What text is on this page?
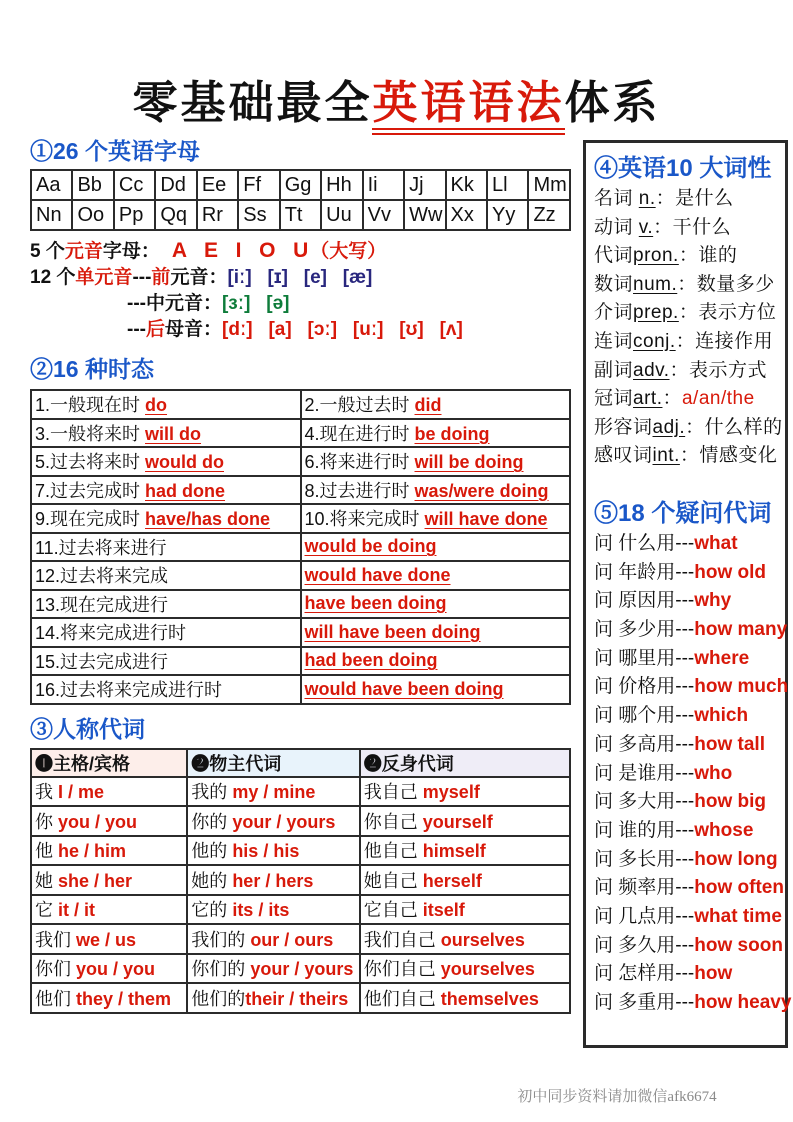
零基础最全英语语法体系
①26 个英语字母
Aa	Bb	Cc	Dd	Ee	Ff	Gg	Hh	Ii	Jj	Kk	Ll	Mm
Nn	Oo	Pp	Qq	Rr	Ss	Tt	Uu	Vv	Ww	Xx	Yy	Zz
5 个元音字母： A  E  I  O  U（大写）
12 个单元音---前元音：[iː]   [ɪ]   [e]   [æ]
---中元音：[ɜː]   [ə]
---后母音：[dː]   [a]   [ɔː]   [uː]   [ʊ]   [ʌ]
②16 种时态
1.一般现在时 do	2.一般过去时 did
3.一般将来时 will do	4.现在进行时 be doing
5.过去将来时 would do	6.将来进行时 will be doing
7.过去完成时 had done	8.过去进行时 was/were doing
9.现在完成时 have/has done	10.将来完成时 will have done
11.过去将来进行	would be doing
12.过去将来完成	would have done
13.现在完成进行	have been doing
14.将来完成进行时	will have been doing
15.过去完成进行	had been doing
16.过去将来完成进行时	would have been doing
③人称代词
❶主格/宾格	❷物主代词	❷反身代词
我 I / me	我的 my / mine	我自己 myself
你 you / you	你的 your / yours	你自己 yourself
他 he / him	他的 his / his	他自己 himself
她 she / her	她的 her / hers	她自己 herself
它 it / it	它的 its / its	它自己 itself
我们 we / us	我们的 our / ours	我们自己 ourselves
你们 you / you	你们的 your / yours	你们自己 yourselves
他们 they / them	他们的their / theirs	他们自己 themselves
④英语10 大词性
名词 n.：是什么
动词 v.：干什么
代词pron.：谁的
数词num.：数量多少
介词prep.：表示方位
连词conj.：连接作用
副词adv.：表示方式
冠词art.：a/an/the
形容词adj.：什么样的
感叹词int.：情感变化
⑤18 个疑问代词
问 什么用---what
问 年龄用---how old
问 原因用---why
问 多少用---how many
问 哪里用---where
问 价格用---how much
问 哪个用---which
问 多高用---how tall
问 是谁用---who
问 多大用---how big
问 谁的用---whose
问 多长用---how long
问 频率用---how often
问 几点用---what time
问 多久用---how soon
问 怎样用---how
问 多重用---how heavy
初中同步资料请加微信afk6674
